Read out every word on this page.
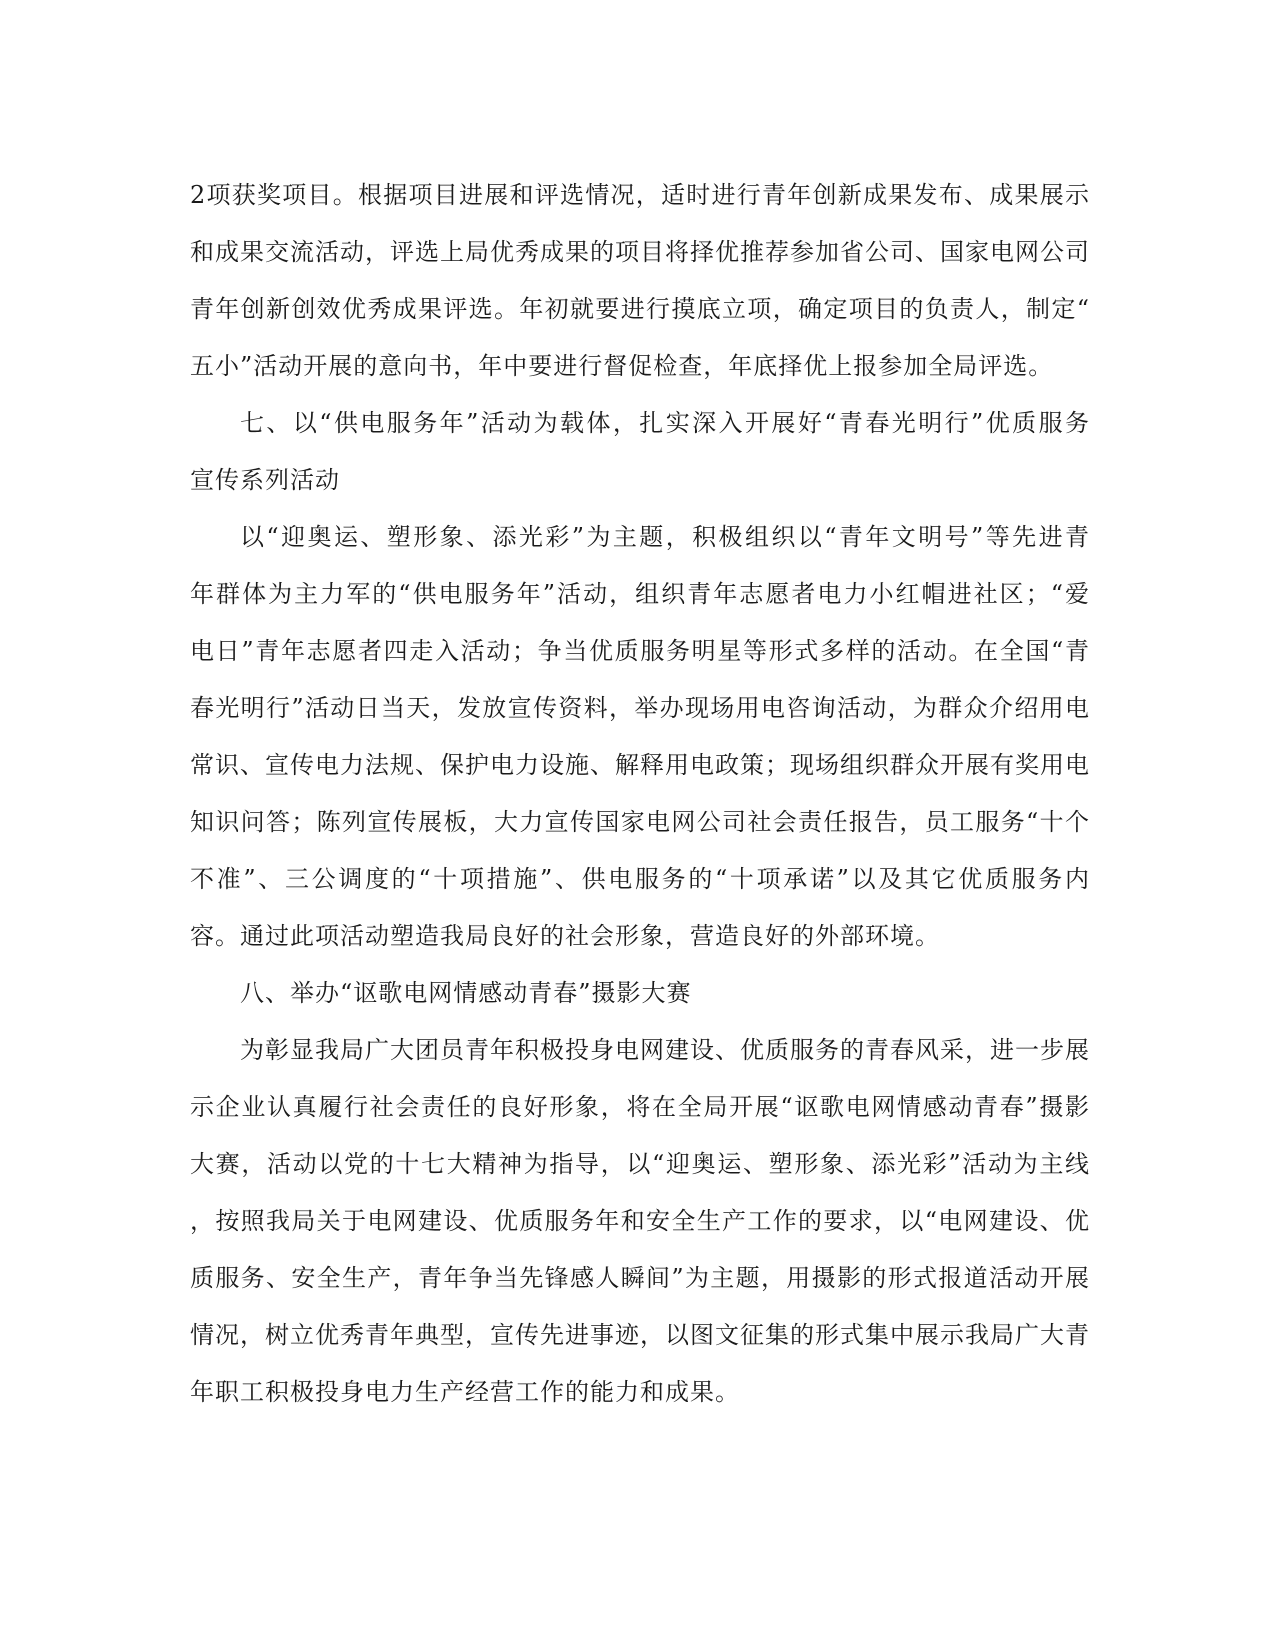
2项获奖项目。根据项目进展和评选情况，适时进行青年创新成果发布、成果展示
和成果交流活动，评选上局优秀成果的项目将择优推荐参加省公司、国家电网公司
青年创新创效优秀成果评选。年初就要进行摸底立项，确定项目的负责人，制定“
五小”活动开展的意向书，年中要进行督促检查，年底择优上报参加全局评选。
七、以“供电服务年”活动为载体，扎实深入开展好“青春光明行”优质服务
宣传系列活动
以“迎奥运、塑形象、添光彩”为主题，积极组织以“青年文明号”等先进青
年群体为主力军的“供电服务年”活动，组织青年志愿者电力小红帽进社区；“爱
电日”青年志愿者四走入活动；争当优质服务明星等形式多样的活动。在全国“青
春光明行”活动日当天，发放宣传资料，举办现场用电咨询活动，为群众介绍用电
常识、宣传电力法规、保护电力设施、解释用电政策；现场组织群众开展有奖用电
知识问答；陈列宣传展板，大力宣传国家电网公司社会责任报告，员工服务“十个
不准”、三公调度的“十项措施”、供电服务的“十项承诺”以及其它优质服务内
容。通过此项活动塑造我局良好的社会形象，营造良好的外部环境。
八、举办“讴歌电网情感动青春”摄影大赛
为彰显我局广大团员青年积极投身电网建设、优质服务的青春风采，进一步展
示企业认真履行社会责任的良好形象，将在全局开展“讴歌电网情感动青春”摄影
大赛，活动以党的十七大精神为指导，以“迎奥运、塑形象、添光彩”活动为主线
，按照我局关于电网建设、优质服务年和安全生产工作的要求，以“电网建设、优
质服务、安全生产，青年争当先锋感人瞬间”为主题，用摄影的形式报道活动开展
情况，树立优秀青年典型，宣传先进事迹，以图文征集的形式集中展示我局广大青
年职工积极投身电力生产经营工作的能力和成果。
